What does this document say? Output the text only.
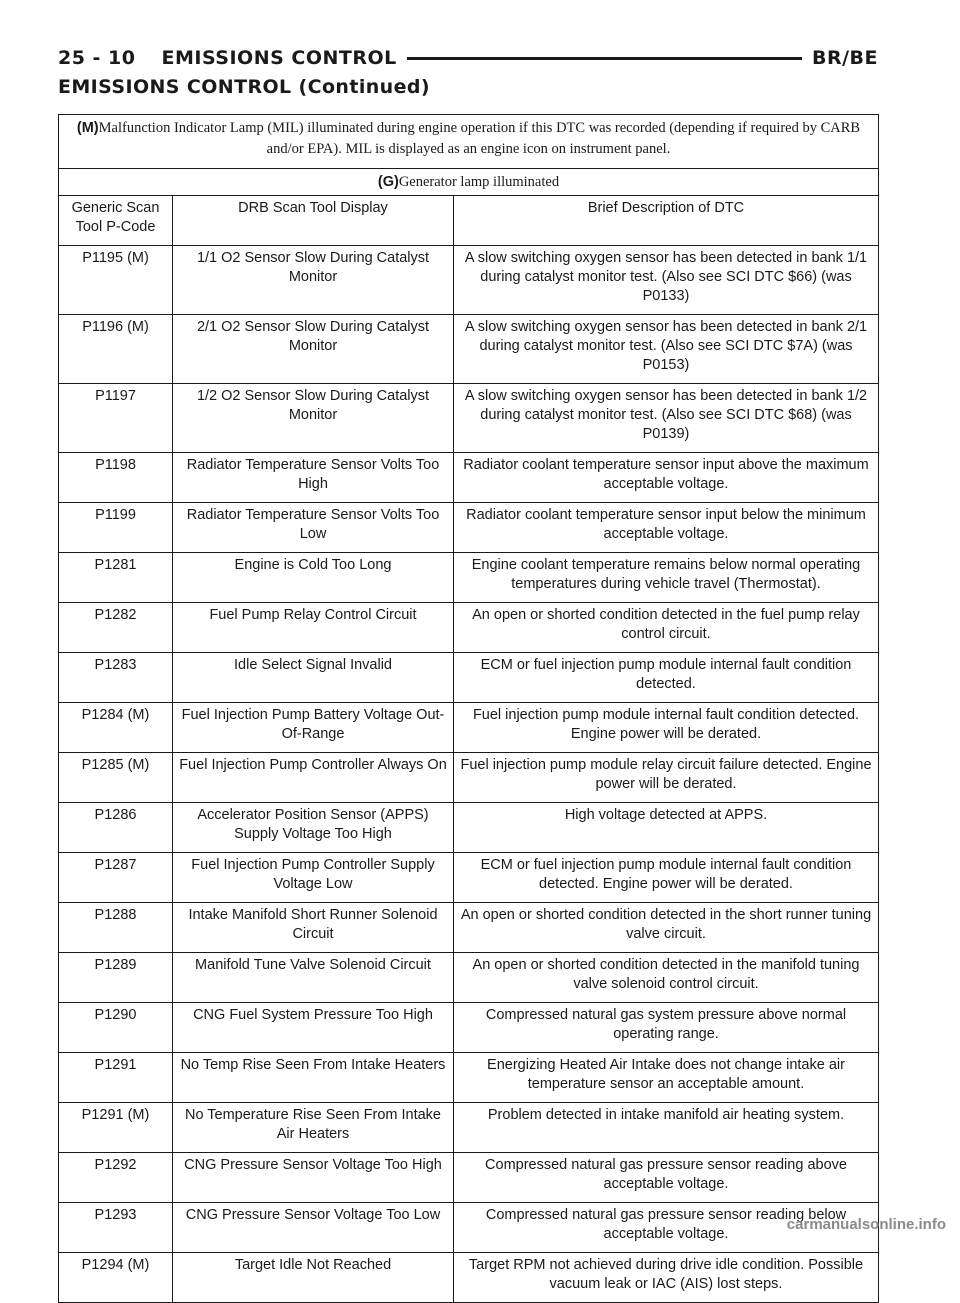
25 - 10 EMISSIONS CONTROL	BR/BE
EMISSIONS CONTROL (Continued)
(M)Malfunction Indicator Lamp (MIL) illuminated during engine operation if this DTC was recorded (depending if required by CARB and/or EPA). MIL is displayed as an engine icon on instrument panel.		
(G)Generator lamp illuminated		
Generic Scan Tool P-Code	DRB Scan Tool Display	Brief Description of DTC
P1195 (M)	1/1 O2 Sensor Slow During Catalyst Monitor	A slow switching oxygen sensor has been detected in bank 1/1 during catalyst monitor test. (Also see SCI DTC $66) (was P0133)
P1196 (M)	2/1 O2 Sensor Slow During Catalyst Monitor	A slow switching oxygen sensor has been detected in bank 2/1 during catalyst monitor test. (Also see SCI DTC $7A) (was P0153)
P1197	1/2 O2 Sensor Slow During Catalyst Monitor	A slow switching oxygen sensor has been detected in bank 1/2 during catalyst monitor test. (Also see SCI DTC $68) (was P0139)
P1198	Radiator Temperature Sensor Volts Too High	Radiator coolant temperature sensor input above the maximum acceptable voltage.
P1199	Radiator Temperature Sensor Volts Too Low	Radiator coolant temperature sensor input below the minimum acceptable voltage.
P1281	Engine is Cold Too Long	Engine coolant temperature remains below normal operating temperatures during vehicle travel (Thermostat).
P1282	Fuel Pump Relay Control Circuit	An open or shorted condition detected in the fuel pump relay control circuit.
P1283	Idle Select Signal Invalid	ECM or fuel injection pump module internal fault condition detected.
P1284 (M)	Fuel Injection Pump Battery Voltage Out-Of-Range	Fuel injection pump module internal fault condition detected. Engine power will be derated.
P1285 (M)	Fuel Injection Pump Controller Always On	Fuel injection pump module relay circuit failure detected. Engine power will be derated.
P1286	Accelerator Position Sensor (APPS) Supply Voltage Too High	High voltage detected at APPS.
P1287	Fuel Injection Pump Controller Supply Voltage Low	ECM or fuel injection pump module internal fault condition detected. Engine power will be derated.
P1288	Intake Manifold Short Runner Solenoid Circuit	An open or shorted condition detected in the short runner tuning valve circuit.
P1289	Manifold Tune Valve Solenoid Circuit	An open or shorted condition detected in the manifold tuning valve solenoid control circuit.
P1290	CNG Fuel System Pressure Too High	Compressed natural gas system pressure above normal operating range.
P1291	No Temp Rise Seen From Intake Heaters	Energizing Heated Air Intake does not change intake air temperature sensor an acceptable amount.
P1291 (M)	No Temperature Rise Seen From Intake Air Heaters	Problem detected in intake manifold air heating system.
P1292	CNG Pressure Sensor Voltage Too High	Compressed natural gas pressure sensor reading above acceptable voltage.
P1293	CNG Pressure Sensor Voltage Too Low	Compressed natural gas pressure sensor reading below acceptable voltage.
P1294 (M)	Target Idle Not Reached	Target RPM not achieved during drive idle condition. Possible vacuum leak or IAC (AIS) lost steps.
carmanualsonline.info
